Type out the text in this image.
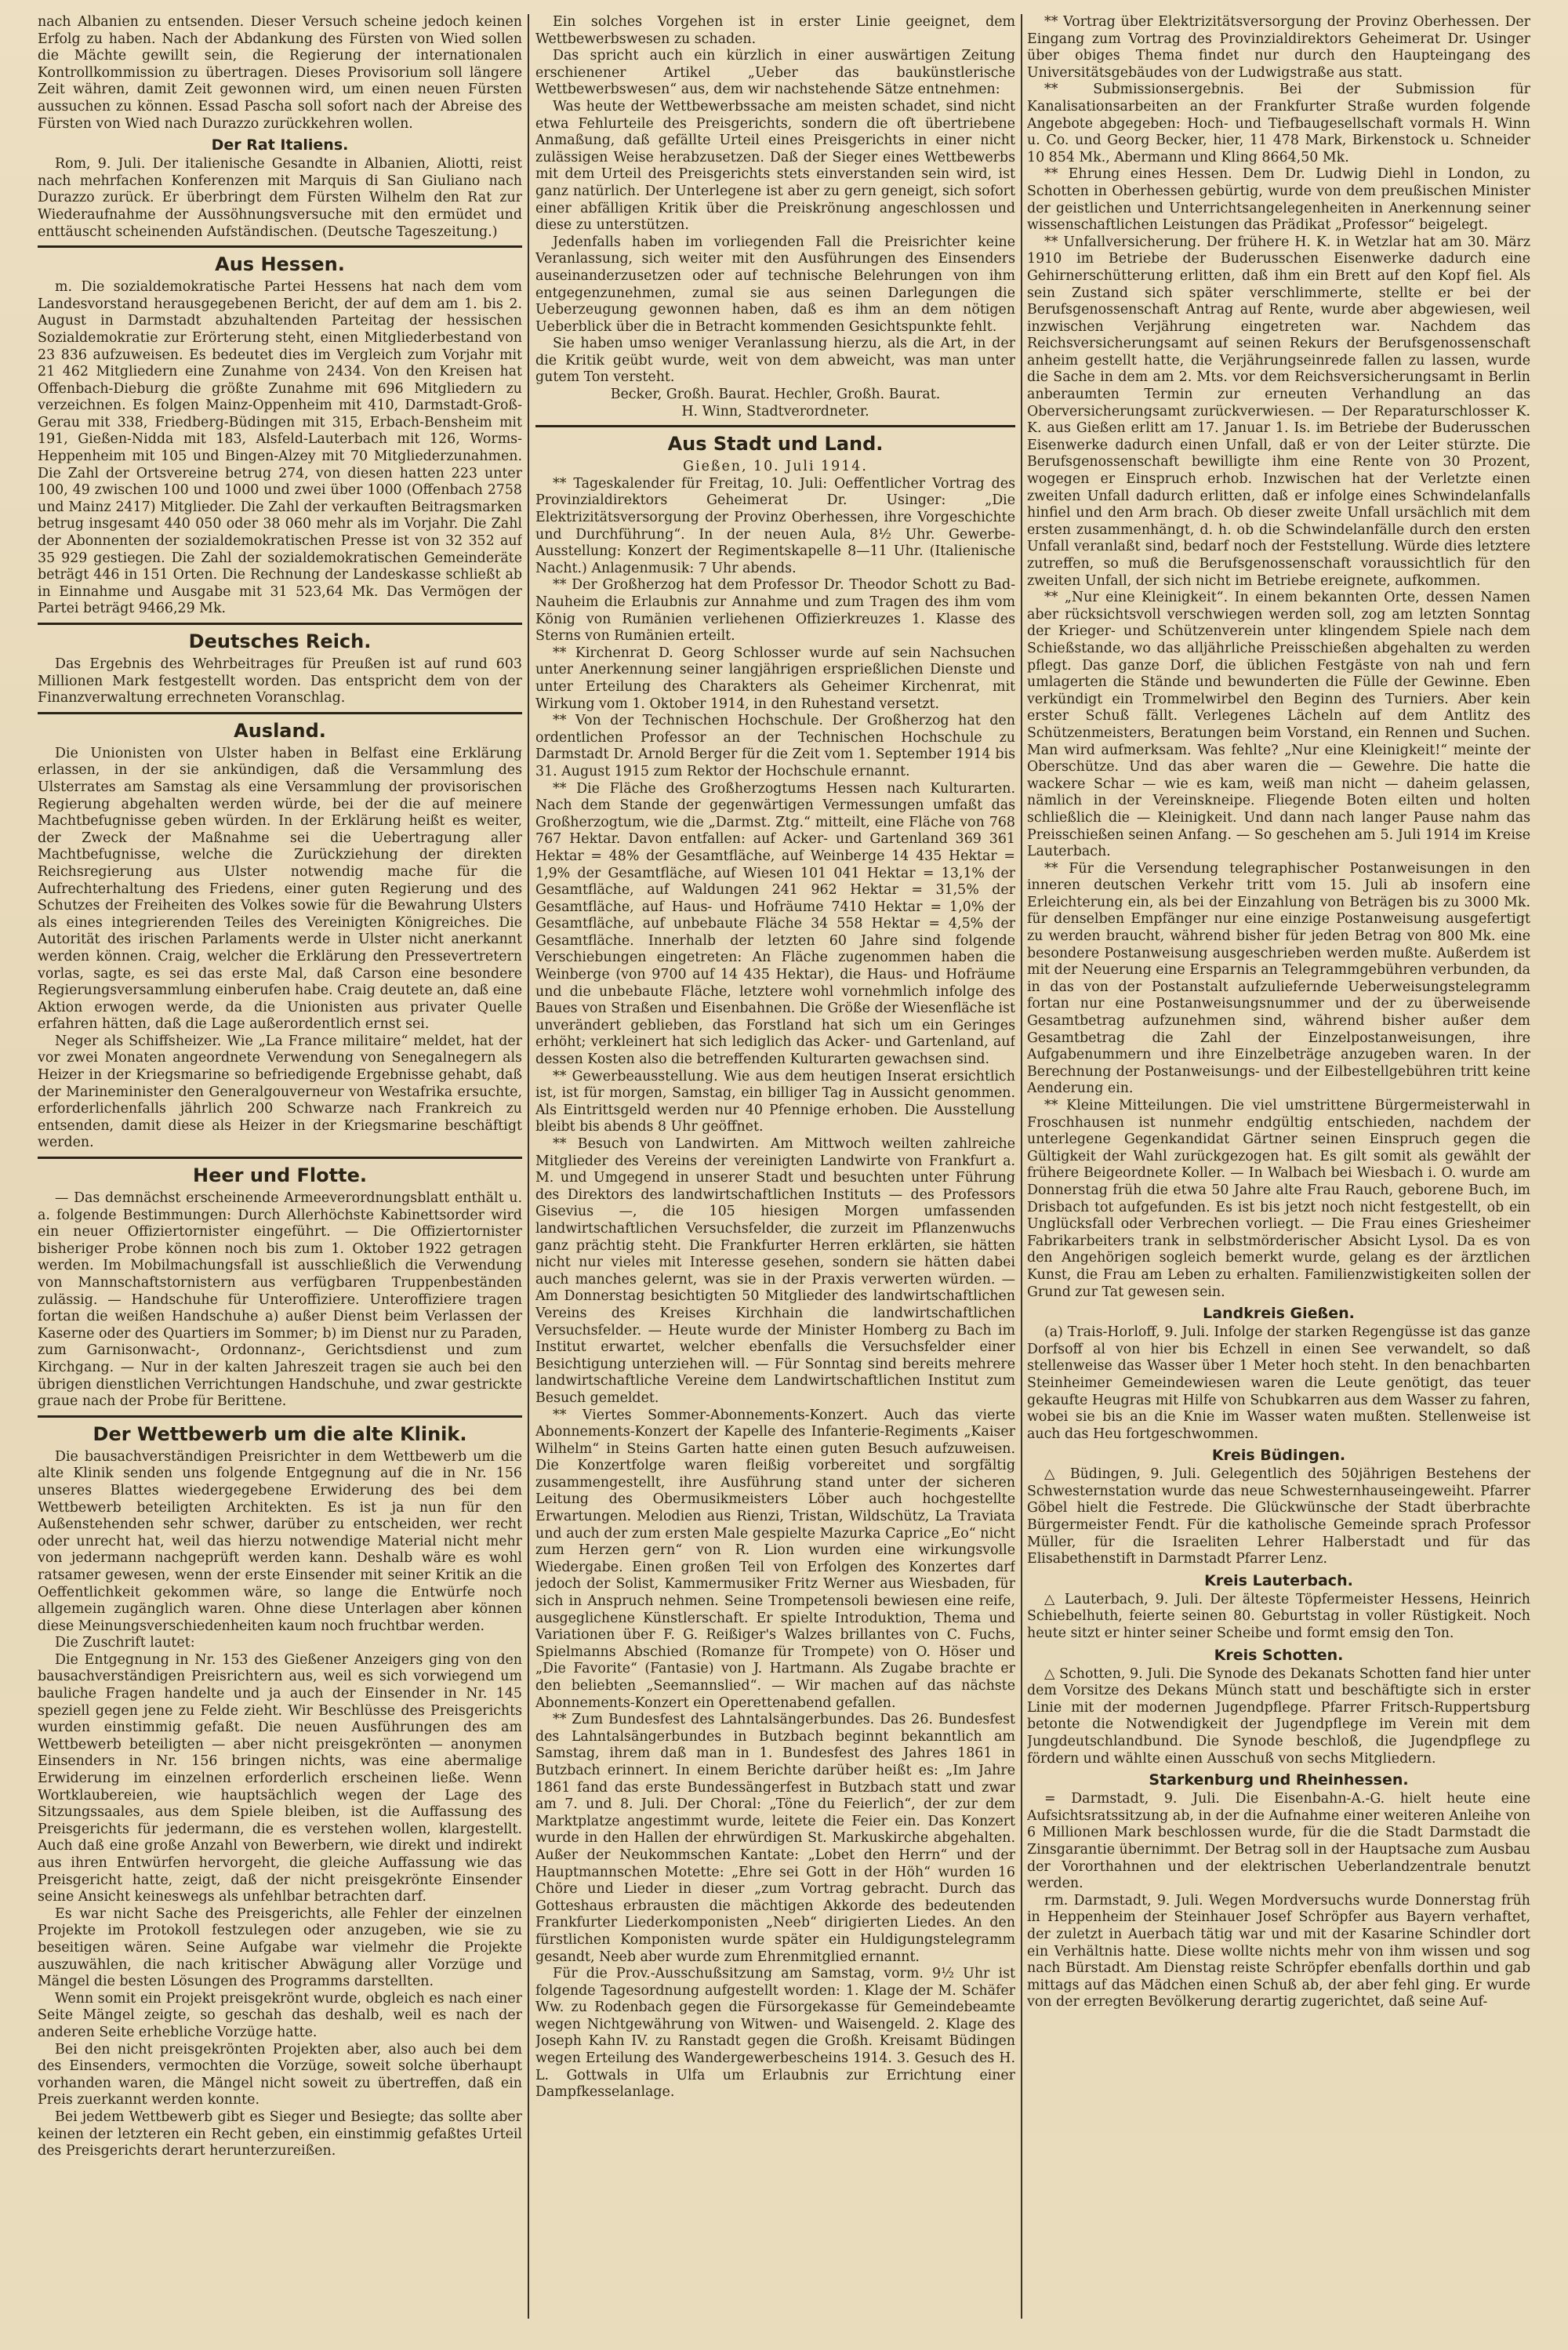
nach Albanien zu entsenden. Dieser Versuch scheine jedoch keinen Erfolg zu haben. Nach der Abdankung des Fürsten von Wied sollen die Mächte gewillt sein, die Regierung der internationalen Kontrollkommission zu übertragen. Dieses Provisorium soll längere Zeit währen, damit Zeit gewonnen wird, um einen neuen Fürsten aussuchen zu können. Essad Pascha soll sofort nach der Abreise des Fürsten von Wied nach Durazzo zurückkehren wollen.

Der Rat Italiens.

Rom, 9. Juli. Der italienische Gesandte in Albanien, Aliotti, reist nach mehrfachen Konferenzen mit Marquis di San Giuliano nach Durazzo zurück. Er überbringt dem Fürsten Wilhelm den Rat zur Wiederaufnahme der Aussöhnungsversuche mit den ermüdet und enttäuscht scheinenden Aufständischen. (Deutsche Tageszeitung.)

Aus Hessen.

m. Die sozialdemokratische Partei Hessens hat nach dem vom Landesvorstand herausgegebenen Bericht, der auf dem am 1. bis 2. August in Darmstadt abzuhaltenden Parteitag der hessischen Sozialdemokratie zur Erörterung steht, einen Mitgliederbestand von 23 836 aufzuweisen. Es bedeutet dies im Vergleich zum Vorjahr mit 21 462 Mitgliedern eine Zunahme von 2434. Von den Kreisen hat Offenbach-Dieburg die größte Zunahme mit 696 Mitgliedern zu verzeichnen. Es folgen Mainz-Oppenheim mit 410, Darmstadt-Groß-Gerau mit 338, Friedberg-Büdingen mit 315, Erbach-Bensheim mit 191, Gießen-Nidda mit 183, Alsfeld-Lauterbach mit 126, Worms-Heppenheim mit 105 und Bingen-Alzey mit 70 Mitgliederzunahmen. Die Zahl der Ortsvereine betrug 274, von diesen hatten 223 unter 100, 49 zwischen 100 und 1000 und zwei über 1000 (Offenbach 2758 und Mainz 2417) Mitglieder. Die Zahl der verkauften Beitragsmarken betrug insgesamt 440 050 oder 38 060 mehr als im Vorjahr. Die Zahl der Abonnenten der sozialdemokratischen Presse ist von 32 352 auf 35 929 gestiegen. Die Zahl der sozialdemokratischen Gemeinderäte beträgt 446 in 151 Orten. Die Rechnung der Landeskasse schließt ab in Einnahme und Ausgabe mit 31 523,64 Mk. Das Vermögen der Partei beträgt 9466,29 Mk.

Deutsches Reich.

Das Ergebnis des Wehrbeitrages für Preußen ist auf rund 603 Millionen Mark festgestellt worden. Das entspricht dem von der Finanzverwaltung errechneten Voranschlag.

Ausland.

Die Unionisten von Ulster haben in Belfast eine Erklärung erlassen, in der sie ankündigen, daß die Versammlung des Ulsterrates am Samstag als eine Versammlung der provisorischen Regierung abgehalten werden würde, bei der die auf meinere Machtbefugnisse geben würden. In der Erklärung heißt es weiter, der Zweck der Maßnahme sei die Uebertragung aller Machtbefugnisse, welche die Zurückziehung der direkten Reichsregierung aus Ulster notwendig mache für die Aufrechterhaltung des Friedens, einer guten Regierung und des Schutzes der Freiheiten des Volkes sowie für die Bewahrung Ulsters als eines integrierenden Teiles des Vereinigten Königreiches. Die Autorität des irischen Parlaments werde in Ulster nicht anerkannt werden können. Craig, welcher die Erklärung den Pressevertretern vorlas, sagte, es sei das erste Mal, daß Carson eine besondere Regierungsversammlung einberufen habe. Craig deutete an, daß eine Aktion erwogen werde, da die Unionisten aus privater Quelle erfahren hätten, daß die Lage außerordentlich ernst sei.

Neger als Schiffsheizer. Wie „La France militaire“ meldet, hat der vor zwei Monaten angeordnete Verwendung von Senegalnegern als Heizer in der Kriegsmarine so befriedigende Ergebnisse gehabt, daß der Marineminister den Generalgouverneur von Westafrika ersuchte, erforderlichenfalls jährlich 200 Schwarze nach Frankreich zu entsenden, damit diese als Heizer in der Kriegsmarine beschäftigt werden.

Heer und Flotte.

— Das demnächst erscheinende Armeeverordnungsblatt enthält u. a. folgende Bestimmungen: Durch Allerhöchste Kabinettsorder wird ein neuer Offiziertornister eingeführt. — Die Offiziertornister bisheriger Probe können noch bis zum 1. Oktober 1922 getragen werden. Im Mobilmachungsfall ist ausschließlich die Verwendung von Mannschaftstornistern aus verfügbaren Truppenbeständen zulässig. — Handschuhe für Unteroffiziere. Unteroffiziere tragen fortan die weißen Handschuhe a) außer Dienst beim Verlassen der Kaserne oder des Quartiers im Sommer; b) im Dienst nur zu Paraden, zum Garnisonwacht-, Ordonnanz-, Gerichtsdienst und zum Kirchgang. — Nur in der kalten Jahreszeit tragen sie auch bei den übrigen dienstlichen Verrichtungen Handschuhe, und zwar gestrickte graue nach der Probe für Berittene.

Der Wettbewerb um die alte Klinik.

Die bausachverständigen Preisrichter in dem Wettbewerb um die alte Klinik senden uns folgende Entgegnung auf die in Nr. 156 unseres Blattes wiedergegebene Erwiderung des bei dem Wettbewerb beteiligten Architekten. Es ist ja nun für den Außenstehenden sehr schwer, darüber zu entscheiden, wer recht oder unrecht hat, weil das hierzu notwendige Material nicht mehr von jedermann nachgeprüft werden kann. Deshalb wäre es wohl ratsamer gewesen, wenn der erste Einsender mit seiner Kritik an die Oeffentlichkeit gekommen wäre, so lange die Entwürfe noch allgemein zugänglich waren. Ohne diese Unterlagen aber können diese Meinungsverschiedenheiten kaum noch fruchtbar werden.

Die Zuschrift lautet:

Die Entgegnung in Nr. 153 des Gießener Anzeigers ging von den bausachverständigen Preisrichtern aus, weil es sich vorwiegend um bauliche Fragen handelte und ja auch der Einsender in Nr. 145 speziell gegen jene zu Felde zieht. Wir Beschlüsse des Preisgerichts wurden einstimmig gefaßt. Die neuen Ausführungen des am Wettbewerb beteiligten — aber nicht preisgekrönten — anonymen Einsenders in Nr. 156 bringen nichts, was eine abermalige Erwiderung im einzelnen erforderlich erscheinen ließe. Wenn Wortklaubereien, wie hauptsächlich wegen der Lage des Sitzungssaales, aus dem Spiele bleiben, ist die Auffassung des Preisgerichts für jedermann, die es verstehen wollen, klargestellt. Auch daß eine große Anzahl von Bewerbern, wie direkt und indirekt aus ihren Entwürfen hervorgeht, die gleiche Auffassung wie das Preisgericht hatte, zeigt, daß der nicht preisgekrönte Einsender seine Ansicht keineswegs als unfehlbar betrachten darf.

Es war nicht Sache des Preisgerichts, alle Fehler der einzelnen Projekte im Protokoll festzulegen oder anzugeben, wie sie zu beseitigen wären. Seine Aufgabe war vielmehr die Projekte auszuwählen, die nach kritischer Abwägung aller Vorzüge und Mängel die besten Lösungen des Programms darstellten.

Wenn somit ein Projekt preisgekrönt wurde, obgleich es nach einer Seite Mängel zeigte, so geschah das deshalb, weil es nach der anderen Seite erhebliche Vorzüge hatte.

Bei den nicht preisgekrönten Projekten aber, also auch bei dem des Einsenders, vermochten die Vorzüge, soweit solche überhaupt vorhanden waren, die Mängel nicht soweit zu übertreffen, daß ein Preis zuerkannt werden konnte.

Bei jedem Wettbewerb gibt es Sieger und Besiegte; das sollte aber keinen der letzteren ein Recht geben, ein einstimmig gefaßtes Urteil des Preisgerichts derart herunterzureißen.

Ein solches Vorgehen ist in erster Linie geeignet, dem Wettbewerbswesen zu schaden.

Das spricht auch ein kürzlich in einer auswärtigen Zeitung erschienener Artikel „Ueber das baukünstlerische Wettbewerbswesen“ aus, dem wir nachstehende Sätze entnehmen:

Was heute der Wettbewerbssache am meisten schadet, sind nicht etwa Fehlurteile des Preisgerichts, sondern die oft übertriebene Anmaßung, daß gefällte Urteil eines Preisgerichts in einer nicht zulässigen Weise herabzusetzen. Daß der Sieger eines Wettbewerbs mit dem Urteil des Preisgerichts stets einverstanden sein wird, ist ganz natürlich. Der Unterlegene ist aber zu gern geneigt, sich sofort einer abfälligen Kritik über die Preiskrönung angeschlossen und diese zu unterstützen.

Jedenfalls haben im vorliegenden Fall die Preisrichter keine Veranlassung, sich weiter mit den Ausführungen des Einsenders auseinanderzusetzen oder auf technische Belehrungen von ihm entgegenzunehmen, zumal sie aus seinen Darlegungen die Ueberzeugung gewonnen haben, daß es ihm an dem nötigen Ueberblick über die in Betracht kommenden Gesichtspunkte fehlt.

Sie haben umso weniger Veranlassung hierzu, als die Art, in der die Kritik geübt wurde, weit von dem abweicht, was man unter gutem Ton versteht.

Becker, Großh. Baurat. Hechler, Großh. Baurat.

H. Winn, Stadtverordneter.

Aus Stadt und Land.

Gießen, 10. Juli 1914.

** Tageskalender für Freitag, 10. Juli: Oeffentlicher Vortrag des Provinzialdirektors Geheimerat Dr. Usinger: „Die Elektrizitätsversorgung der Provinz Oberhessen, ihre Vorgeschichte und Durchführung“. In der neuen Aula, 8½ Uhr. Gewerbe-Ausstellung: Konzert der Regimentskapelle 8—11 Uhr. (Italienische Nacht.) Anlagenmusik: 7 Uhr abends.

** Der Großherzog hat dem Professor Dr. Theodor Schott zu Bad-Nauheim die Erlaubnis zur Annahme und zum Tragen des ihm vom König von Rumänien verliehenen Offizierkreuzes 1. Klasse des Sterns von Rumänien erteilt.

** Kirchenrat D. Georg Schlosser wurde auf sein Nachsuchen unter Anerkennung seiner langjährigen ersprießlichen Dienste und unter Erteilung des Charakters als Geheimer Kirchenrat, mit Wirkung vom 1. Oktober 1914, in den Ruhestand versetzt.

** Von der Technischen Hochschule. Der Großherzog hat den ordentlichen Professor an der Technischen Hochschule zu Darmstadt Dr. Arnold Berger für die Zeit vom 1. September 1914 bis 31. August 1915 zum Rektor der Hochschule ernannt.

** Die Fläche des Großherzogtums Hessen nach Kulturarten. Nach dem Stande der gegenwärtigen Vermessungen umfaßt das Großherzogtum, wie die „Darmst. Ztg.“ mitteilt, eine Fläche von 768 767 Hektar. Davon entfallen: auf Acker- und Gartenland 369 361 Hektar = 48% der Gesamtfläche, auf Weinberge 14 435 Hektar = 1,9% der Gesamtfläche, auf Wiesen 101 041 Hektar = 13,1% der Gesamtfläche, auf Waldungen 241 962 Hektar = 31,5% der Gesamtfläche, auf Haus- und Hofräume 7410 Hektar = 1,0% der Gesamtfläche, auf unbebaute Fläche 34 558 Hektar = 4,5% der Gesamtfläche. Innerhalb der letzten 60 Jahre sind folgende Verschiebungen eingetreten: An Fläche zugenommen haben die Weinberge (von 9700 auf 14 435 Hektar), die Haus- und Hofräume und die unbebaute Fläche, letztere wohl vornehmlich infolge des Baues von Straßen und Eisenbahnen. Die Größe der Wiesenfläche ist unverändert geblieben, das Forstland hat sich um ein Geringes erhöht; verkleinert hat sich lediglich das Acker- und Gartenland, auf dessen Kosten also die betreffenden Kulturarten gewachsen sind.

** Gewerbeausstellung. Wie aus dem heutigen Inserat ersichtlich ist, ist für morgen, Samstag, ein billiger Tag in Aussicht genommen. Als Eintrittsgeld werden nur 40 Pfennige erhoben. Die Ausstellung bleibt bis abends 8 Uhr geöffnet.

** Besuch von Landwirten. Am Mittwoch weilten zahlreiche Mitglieder des Vereins der vereinigten Landwirte von Frankfurt a. M. und Umgegend in unserer Stadt und besuchten unter Führung des Direktors des landwirtschaftlichen Instituts — des Professors Gisevius —, die 105 hiesigen Morgen umfassenden landwirtschaftlichen Versuchsfelder, die zurzeit im Pflanzenwuchs ganz prächtig steht. Die Frankfurter Herren erklärten, sie hätten nicht nur vieles mit Interesse gesehen, sondern sie hätten dabei auch manches gelernt, was sie in der Praxis verwerten würden. — Am Donnerstag besichtigten 50 Mitglieder des landwirtschaftlichen Vereins des Kreises Kirchhain die landwirtschaftlichen Versuchsfelder. — Heute wurde der Minister Homberg zu Bach im Institut erwartet, welcher ebenfalls die Versuchsfelder einer Besichtigung unterziehen will. — Für Sonntag sind bereits mehrere landwirtschaftliche Vereine dem Landwirtschaftlichen Institut zum Besuch gemeldet.

** Viertes Sommer-Abonnements-Konzert. Auch das vierte Abonnements-Konzert der Kapelle des Infanterie-Regiments „Kaiser Wilhelm“ in Steins Garten hatte einen guten Besuch aufzuweisen. Die Konzertfolge waren fleißig vorbereitet und sorgfältig zusammengestellt, ihre Ausführung stand unter der sicheren Leitung des Obermusikmeisters Löber auch hochgestellte Erwartungen. Melodien aus Rienzi, Tristan, Wildschütz, La Traviata und auch der zum ersten Male gespielte Mazurka Caprice „Eo“ nicht zum Herzen gern“ von R. Lion wurden eine wirkungsvolle Wiedergabe. Einen großen Teil von Erfolgen des Konzertes darf jedoch der Solist, Kammermusiker Fritz Werner aus Wiesbaden, für sich in Anspruch nehmen. Seine Trompetensoli bewiesen eine reife, ausgeglichene Künstlerschaft. Er spielte Introduktion, Thema und Variationen über F. G. Reißiger's Walzes brillantes von C. Fuchs, Spielmanns Abschied (Romanze für Trompete) von O. Höser und „Die Favorite“ (Fantasie) von J. Hartmann. Als Zugabe brachte er den beliebten „Seemannslied“. — Wir machen auf das nächste Abonnements-Konzert ein Operettenabend gefallen.

** Zum Bundesfest des Lahntalsängerbundes. Das 26. Bundesfest des Lahntalsängerbundes in Butzbach beginnt bekanntlich am Samstag, ihrem daß man in 1. Bundesfest des Jahres 1861 in Butzbach erinnert. In einem Berichte darüber heißt es: „Im Jahre 1861 fand das erste Bundessängerfest in Butzbach statt und zwar am 7. und 8. Juli. Der Choral: „Töne du Feierlich“, der zur dem Marktplatze angestimmt wurde, leitete die Feier ein. Das Konzert wurde in den Hallen der ehrwürdigen St. Markuskirche abgehalten. Außer der Neukommschen Kantate: „Lobet den Herrn“ und der Hauptmannschen Motette: „Ehre sei Gott in der Höh“ wurden 16 Chöre und Lieder in dieser „zum Vortrag gebracht. Durch das Gotteshaus erbrausten die mächtigen Akkorde des bedeutenden Frankfurter Liederkomponisten „Neeb“ dirigierten Liedes. An den fürstlichen Komponisten wurde später ein Huldigungstelegramm gesandt, Neeb aber wurde zum Ehrenmitglied ernannt.

Für die Prov.-Ausschußsitzung am Samstag, vorm. 9½ Uhr ist folgende Tagesordnung aufgestellt worden: 1. Klage der M. Schäfer Ww. zu Rodenbach gegen die Fürsorgekasse für Gemeindebeamte wegen Nichtgewährung von Witwen- und Waisengeld. 2. Klage des Joseph Kahn IV. zu Ranstadt gegen die Großh. Kreisamt Büdingen wegen Erteilung des Wandergewerbescheins 1914. 3. Gesuch des H. L. Gottwals in Ulfa um Erlaubnis zur Errichtung einer Dampfkesselanlage.

** Vortrag über Elektrizitätsversorgung der Provinz Oberhessen. Der Eingang zum Vortrag des Provinzialdirektors Geheimerat Dr. Usinger über obiges Thema findet nur durch den Haupteingang des Universitätsgebäudes von der Ludwigstraße aus statt.

** Submissionsergebnis. Bei der Submission für Kanalisationsarbeiten an der Frankfurter Straße wurden folgende Angebote abgegeben: Hoch- und Tiefbaugesellschaft vormals H. Winn u. Co. und Georg Becker, hier, 11 478 Mark, Birkenstock u. Schneider 10 854 Mk., Abermann und Kling 8664,50 Mk.

** Ehrung eines Hessen. Dem Dr. Ludwig Diehl in London, zu Schotten in Oberhessen gebürtig, wurde von dem preußischen Minister der geistlichen und Unterrichtsangelegenheiten in Anerkennung seiner wissenschaftlichen Leistungen das Prädikat „Professor“ beigelegt.

** Unfallversicherung. Der frühere H. K. in Wetzlar hat am 30. März 1910 im Betriebe der Buderusschen Eisenwerke dadurch eine Gehirnerschütterung erlitten, daß ihm ein Brett auf den Kopf fiel. Als sein Zustand sich später verschlimmerte, stellte er bei der Berufsgenossenschaft Antrag auf Rente, wurde aber abgewiesen, weil inzwischen Verjährung eingetreten war. Nachdem das Reichsversicherungsamt auf seinen Rekurs der Berufsgenossenschaft anheim gestellt hatte, die Verjährungseinrede fallen zu lassen, wurde die Sache in dem am 2. Mts. vor dem Reichsversicherungsamt in Berlin anberaumten Termin zur erneuten Verhandlung an das Oberversicherungsamt zurückverwiesen. — Der Reparaturschlosser K. K. aus Gießen erlitt am 17. Januar 1. Is. im Betriebe der Buderusschen Eisenwerke dadurch einen Unfall, daß er von der Leiter stürzte. Die Berufsgenossenschaft bewilligte ihm eine Rente von 30 Prozent, wogegen er Einspruch erhob. Inzwischen hat der Verletzte einen zweiten Unfall dadurch erlitten, daß er infolge eines Schwindelanfalls hinfiel und den Arm brach. Ob dieser zweite Unfall ursächlich mit dem ersten zusammenhängt, d. h. ob die Schwindelanfälle durch den ersten Unfall veranlaßt sind, bedarf noch der Feststellung. Würde dies letztere zutreffen, so muß die Berufsgenossenschaft voraussichtlich für den zweiten Unfall, der sich nicht im Betriebe ereignete, aufkommen.

** „Nur eine Kleinigkeit“. In einem bekannten Orte, dessen Namen aber rücksichtsvoll verschwiegen werden soll, zog am letzten Sonntag der Krieger- und Schützenverein unter klingendem Spiele nach dem Schießstande, wo das alljährliche Preisschießen abgehalten zu werden pflegt. Das ganze Dorf, die üblichen Festgäste von nah und fern umlagerten die Stände und bewunderten die Fülle der Gewinne. Eben verkündigt ein Trommelwirbel den Beginn des Turniers. Aber kein erster Schuß fällt. Verlegenes Lächeln auf dem Antlitz des Schützenmeisters, Beratungen beim Vorstand, ein Rennen und Suchen. Man wird aufmerksam. Was fehlte? „Nur eine Kleinigkeit!“ meinte der Oberschütze. Und das aber waren die — Gewehre. Die hatte die wackere Schar — wie es kam, weiß man nicht — daheim gelassen, nämlich in der Vereinskneipe. Fliegende Boten eilten und holten schließlich die — Kleinigkeit. Und dann nach langer Pause nahm das Preisschießen seinen Anfang. — So geschehen am 5. Juli 1914 im Kreise Lauterbach.

** Für die Versendung telegraphischer Postanweisungen in den inneren deutschen Verkehr tritt vom 15. Juli ab insofern eine Erleichterung ein, als bei der Einzahlung von Beträgen bis zu 3000 Mk. für denselben Empfänger nur eine einzige Postanweisung ausgefertigt zu werden braucht, während bisher für jeden Betrag von 800 Mk. eine besondere Postanweisung ausgeschrieben werden mußte. Außerdem ist mit der Neuerung eine Ersparnis an Telegrammgebühren verbunden, da in das von der Postanstalt aufzuliefernde Ueberweisungstelegramm fortan nur eine Postanweisungsnummer und der zu überweisende Gesamtbetrag aufzunehmen sind, während bisher außer dem Gesamtbetrag die Zahl der Einzelpostanweisungen, ihre Aufgabenummern und ihre Einzelbeträge anzugeben waren. In der Berechnung der Postanweisungs- und der Eilbestellgebühren tritt keine Aenderung ein.

** Kleine Mitteilungen. Die viel umstrittene Bürgermeisterwahl in Froschhausen ist nunmehr endgültig entschieden, nachdem der unterlegene Gegenkandidat Gärtner seinen Einspruch gegen die Gültigkeit der Wahl zurückgezogen hat. Es gilt somit als gewählt der frühere Beigeordnete Koller. — In Walbach bei Wiesbach i. O. wurde am Donnerstag früh die etwa 50 Jahre alte Frau Rauch, geborene Buch, im Drisbach tot aufgefunden. Es ist bis jetzt noch nicht festgestellt, ob ein Unglücksfall oder Verbrechen vorliegt. — Die Frau eines Griesheimer Fabrikarbeiters trank in selbstmörderischer Absicht Lysol. Da es von den Angehörigen sogleich bemerkt wurde, gelang es der ärztlichen Kunst, die Frau am Leben zu erhalten. Familienzwistigkeiten sollen der Grund zur Tat gewesen sein.

Landkreis Gießen.

(a) Trais-Horloff, 9. Juli. Infolge der starken Regengüsse ist das ganze Dorfsoff al von hier bis Echzell in einen See verwandelt, so daß stellenweise das Wasser über 1 Meter hoch steht. In den benachbarten Steinheimer Gemeindewiesen waren die Leute genötigt, das teuer gekaufte Heugras mit Hilfe von Schubkarren aus dem Wasser zu fahren, wobei sie bis an die Knie im Wasser waten mußten. Stellenweise ist auch das Heu fortgeschwommen.

Kreis Büdingen.

△ Büdingen, 9. Juli. Gelegentlich des 50jährigen Bestehens der Schwesternstation wurde das neue Schwesternhauseingeweiht. Pfarrer Göbel hielt die Festrede. Die Glückwünsche der Stadt überbrachte Bürgermeister Fendt. Für die katholische Gemeinde sprach Professor Müller, für die Israeliten Lehrer Halberstadt und für das Elisabethenstift in Darmstadt Pfarrer Lenz.

Kreis Lauterbach.

△ Lauterbach, 9. Juli. Der älteste Töpfermeister Hessens, Heinrich Schiebelhuth, feierte seinen 80. Geburtstag in voller Rüstigkeit. Noch heute sitzt er hinter seiner Scheibe und formt emsig den Ton.

Kreis Schotten.

△ Schotten, 9. Juli. Die Synode des Dekanats Schotten fand hier unter dem Vorsitze des Dekans Münch statt und beschäftigte sich in erster Linie mit der modernen Jugendpflege. Pfarrer Fritsch-Ruppertsburg betonte die Notwendigkeit der Jugendpflege im Verein mit dem Jungdeutschlandbund. Die Synode beschloß, die Jugendpflege zu fördern und wählte einen Ausschuß von sechs Mitgliedern.

Starkenburg und Rheinhessen.

= Darmstadt, 9. Juli. Die Eisenbahn-A.-G. hielt heute eine Aufsichtsratssitzung ab, in der die Aufnahme einer weiteren Anleihe von 6 Millionen Mark beschlossen wurde, für die die Stadt Darmstadt die Zinsgarantie übernimmt. Der Betrag soll in der Hauptsache zum Ausbau der Vororthahnen und der elektrischen Ueberlandzentrale benutzt werden.

rm. Darmstadt, 9. Juli. Wegen Mordversuchs wurde Donnerstag früh in Heppenheim der Steinhauer Josef Schröpfer aus Bayern verhaftet, der zuletzt in Auerbach tätig war und mit der Kasarine Schindler dort ein Verhältnis hatte. Diese wollte nichts mehr von ihm wissen und sog nach Bürstadt. Am Dienstag reiste Schröpfer ebenfalls dorthin und gab mittags auf das Mädchen einen Schuß ab, der aber fehl ging. Er wurde von der erregten Bevölkerung derartig zugerichtet, daß seine Auf-
